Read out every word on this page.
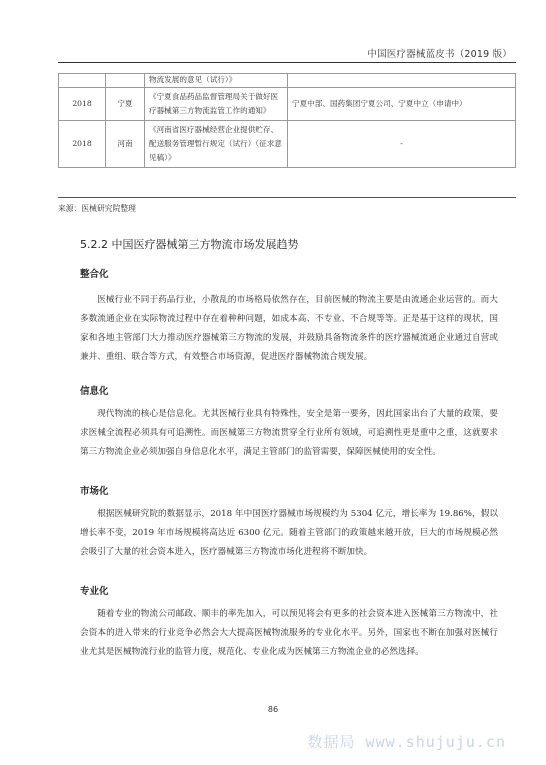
中国医疗器械蓝皮书（2019 版）
		物流发展的意见（试行）》	
2018	宁夏	《宁夏食品药品监督管理局关于做好医疗器械第三方物流监管工作的通知》	宁夏中部、国药集团宁夏公司、宁夏中立（申请中）
2018	河南	《河南省医疗器械经营企业提供贮存、配送服务管理暂行规定（试行）（征求意见稿）》	-
来源：医械研究院整理
5.2.2 中国医疗器械第三方物流市场发展趋势
整合化

医械行业不同于药品行业，小散乱的市场格局依然存在，目前医械的物流主要是由流通企业运营的。而大多数流通企业在实际物流过程中存在着种种问题，如成本高、不专业、不合规等等。正是基于这样的现状，国家和各地主管部门大力推动医疗器械第三方物流的发展，并鼓励具备物流条件的医疗器械流通企业通过自营或兼并、重组、联合等方式，有效整合市场资源，促进医疗器械物流合规发展。

信息化

现代物流的核心是信息化。尤其医械行业具有特殊性，安全是第一要务，因此国家出台了大量的政策，要求医械全流程必须具有可追溯性。而医械第三方物流贯穿全行业所有领域，可追溯性更是重中之重，这就要求第三方物流企业必须加强自身信息化水平，满足主管部门的监管需要，保障医械使用的安全性。

市场化

根据医械研究院的数据显示，2018 年中国医疗器械市场规模约为 5304 亿元，增长率为 19.86%，假以增长率不变，2019 年市场规模将高达近 6300 亿元。随着主管部门的政策越来越开放，巨大的市场规模必然会吸引了大量的社会资本进入，医疗器械第三方物流市场化进程将不断加快。

专业化

随着专业的物流公司邮政、顺丰的率先加入，可以预见将会有更多的社会资本进入医械第三方物流中，社会资本的进入带来的行业竞争必然会大大提高医械物流服务的专业化水平。另外，国家也不断在加强对医械行业尤其是医械物流行业的监管力度，规范化、专业化成为医械第三方物流企业的必然选择。

86
数据局 www.shujuju.cn
